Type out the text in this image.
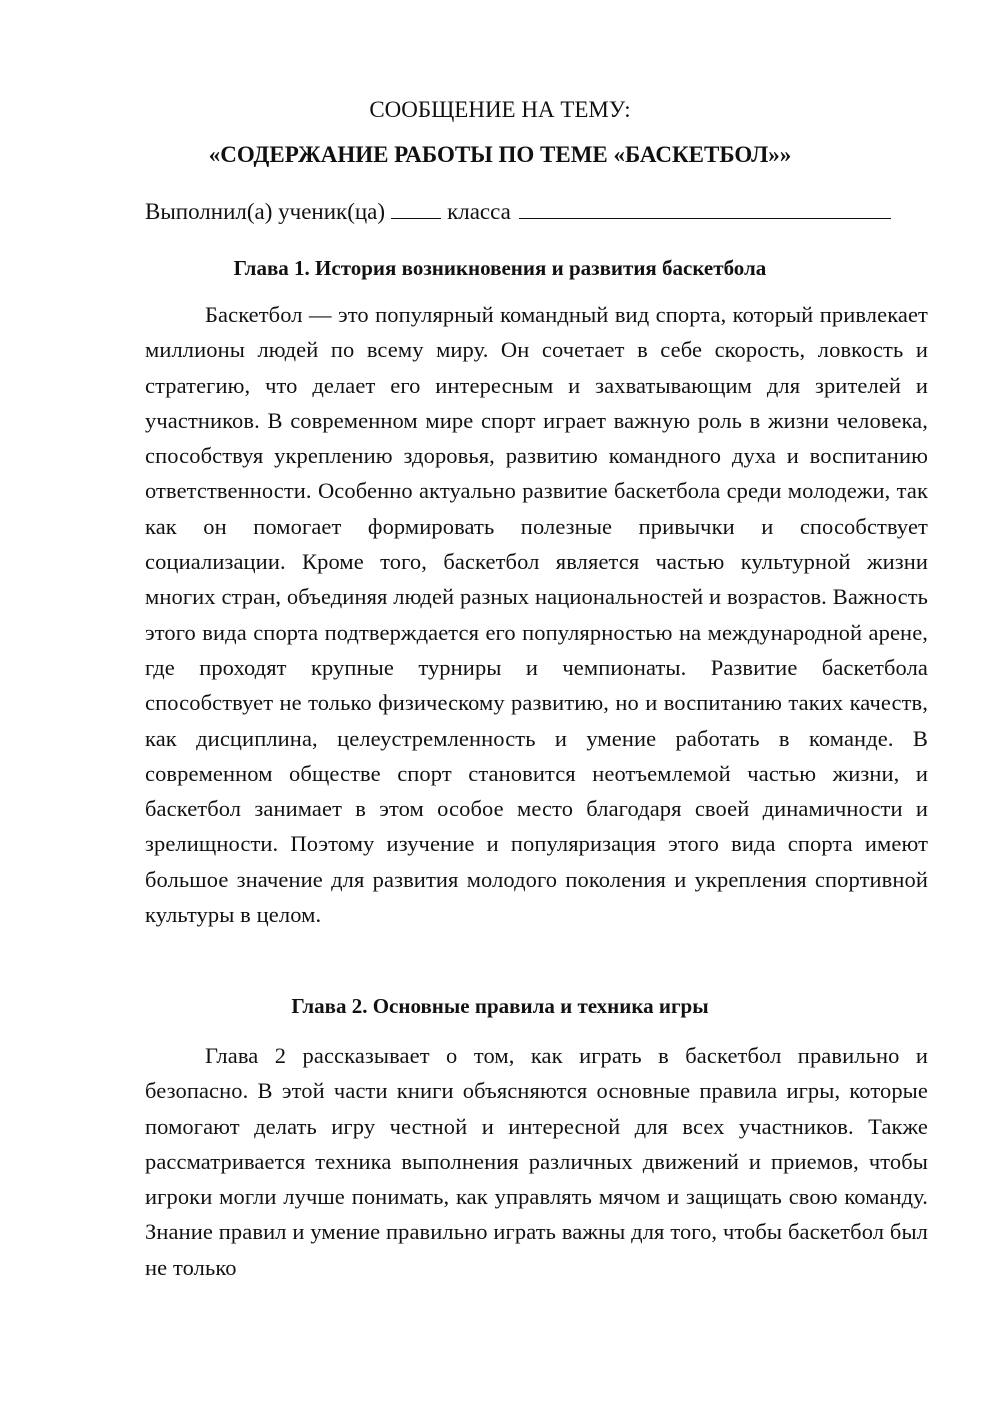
СООБЩЕНИЕ НА ТЕМУ:
«СОДЕРЖАНИЕ РАБОТЫ ПО ТЕМЕ «БАСКЕТБОЛ»»
Выполнил(а) ученик(ца)	класса
Глава 1. История возникновения и развития баскетбола

Баскетбол — это популярный командный вид спорта, который привлекает миллионы людей по всему миру. Он сочетает в себе скорость, ловкость и стратегию, что делает его интересным и захватывающим для зрителей и участников. В современном мире спорт играет важную роль в жизни человека, способствуя укреплению здоровья, развитию командного духа и воспитанию ответственности. Особенно актуально развитие баскетбола среди молодежи, так как он помогает формировать полезные привычки и способствует социализации. Кроме того, баскетбол является частью культурной жизни многих стран, объединяя людей разных национальностей и возрастов. Важность этого вида спорта подтверждается его популярностью на международной арене, где проходят крупные турниры и чемпионаты. Развитие баскетбола способствует не только физическому развитию, но и воспитанию таких качеств, как дисциплина, целеустремленность и умение работать в команде. В современном обществе спорт становится неотъемлемой частью жизни, и баскетбол занимает в этом особое место благодаря своей динамичности и зрелищности. Поэтому изучение и популяризация этого вида спорта имеют большое значение для развития молодого поколения и укрепления спортивной культуры в целом.

Глава 2. Основные правила и техника игры

Глава 2 рассказывает о том, как играть в баскетбол правильно и безопасно. В этой части книги объясняются основные правила игры, которые помогают делать игру честной и интересной для всех участников. Также рассматривается техника выполнения различных движений и приемов, чтобы игроки могли лучше понимать, как управлять мячом и защищать свою команду. Знание правил и умение правильно играть важны для того, чтобы баскетбол был не только
